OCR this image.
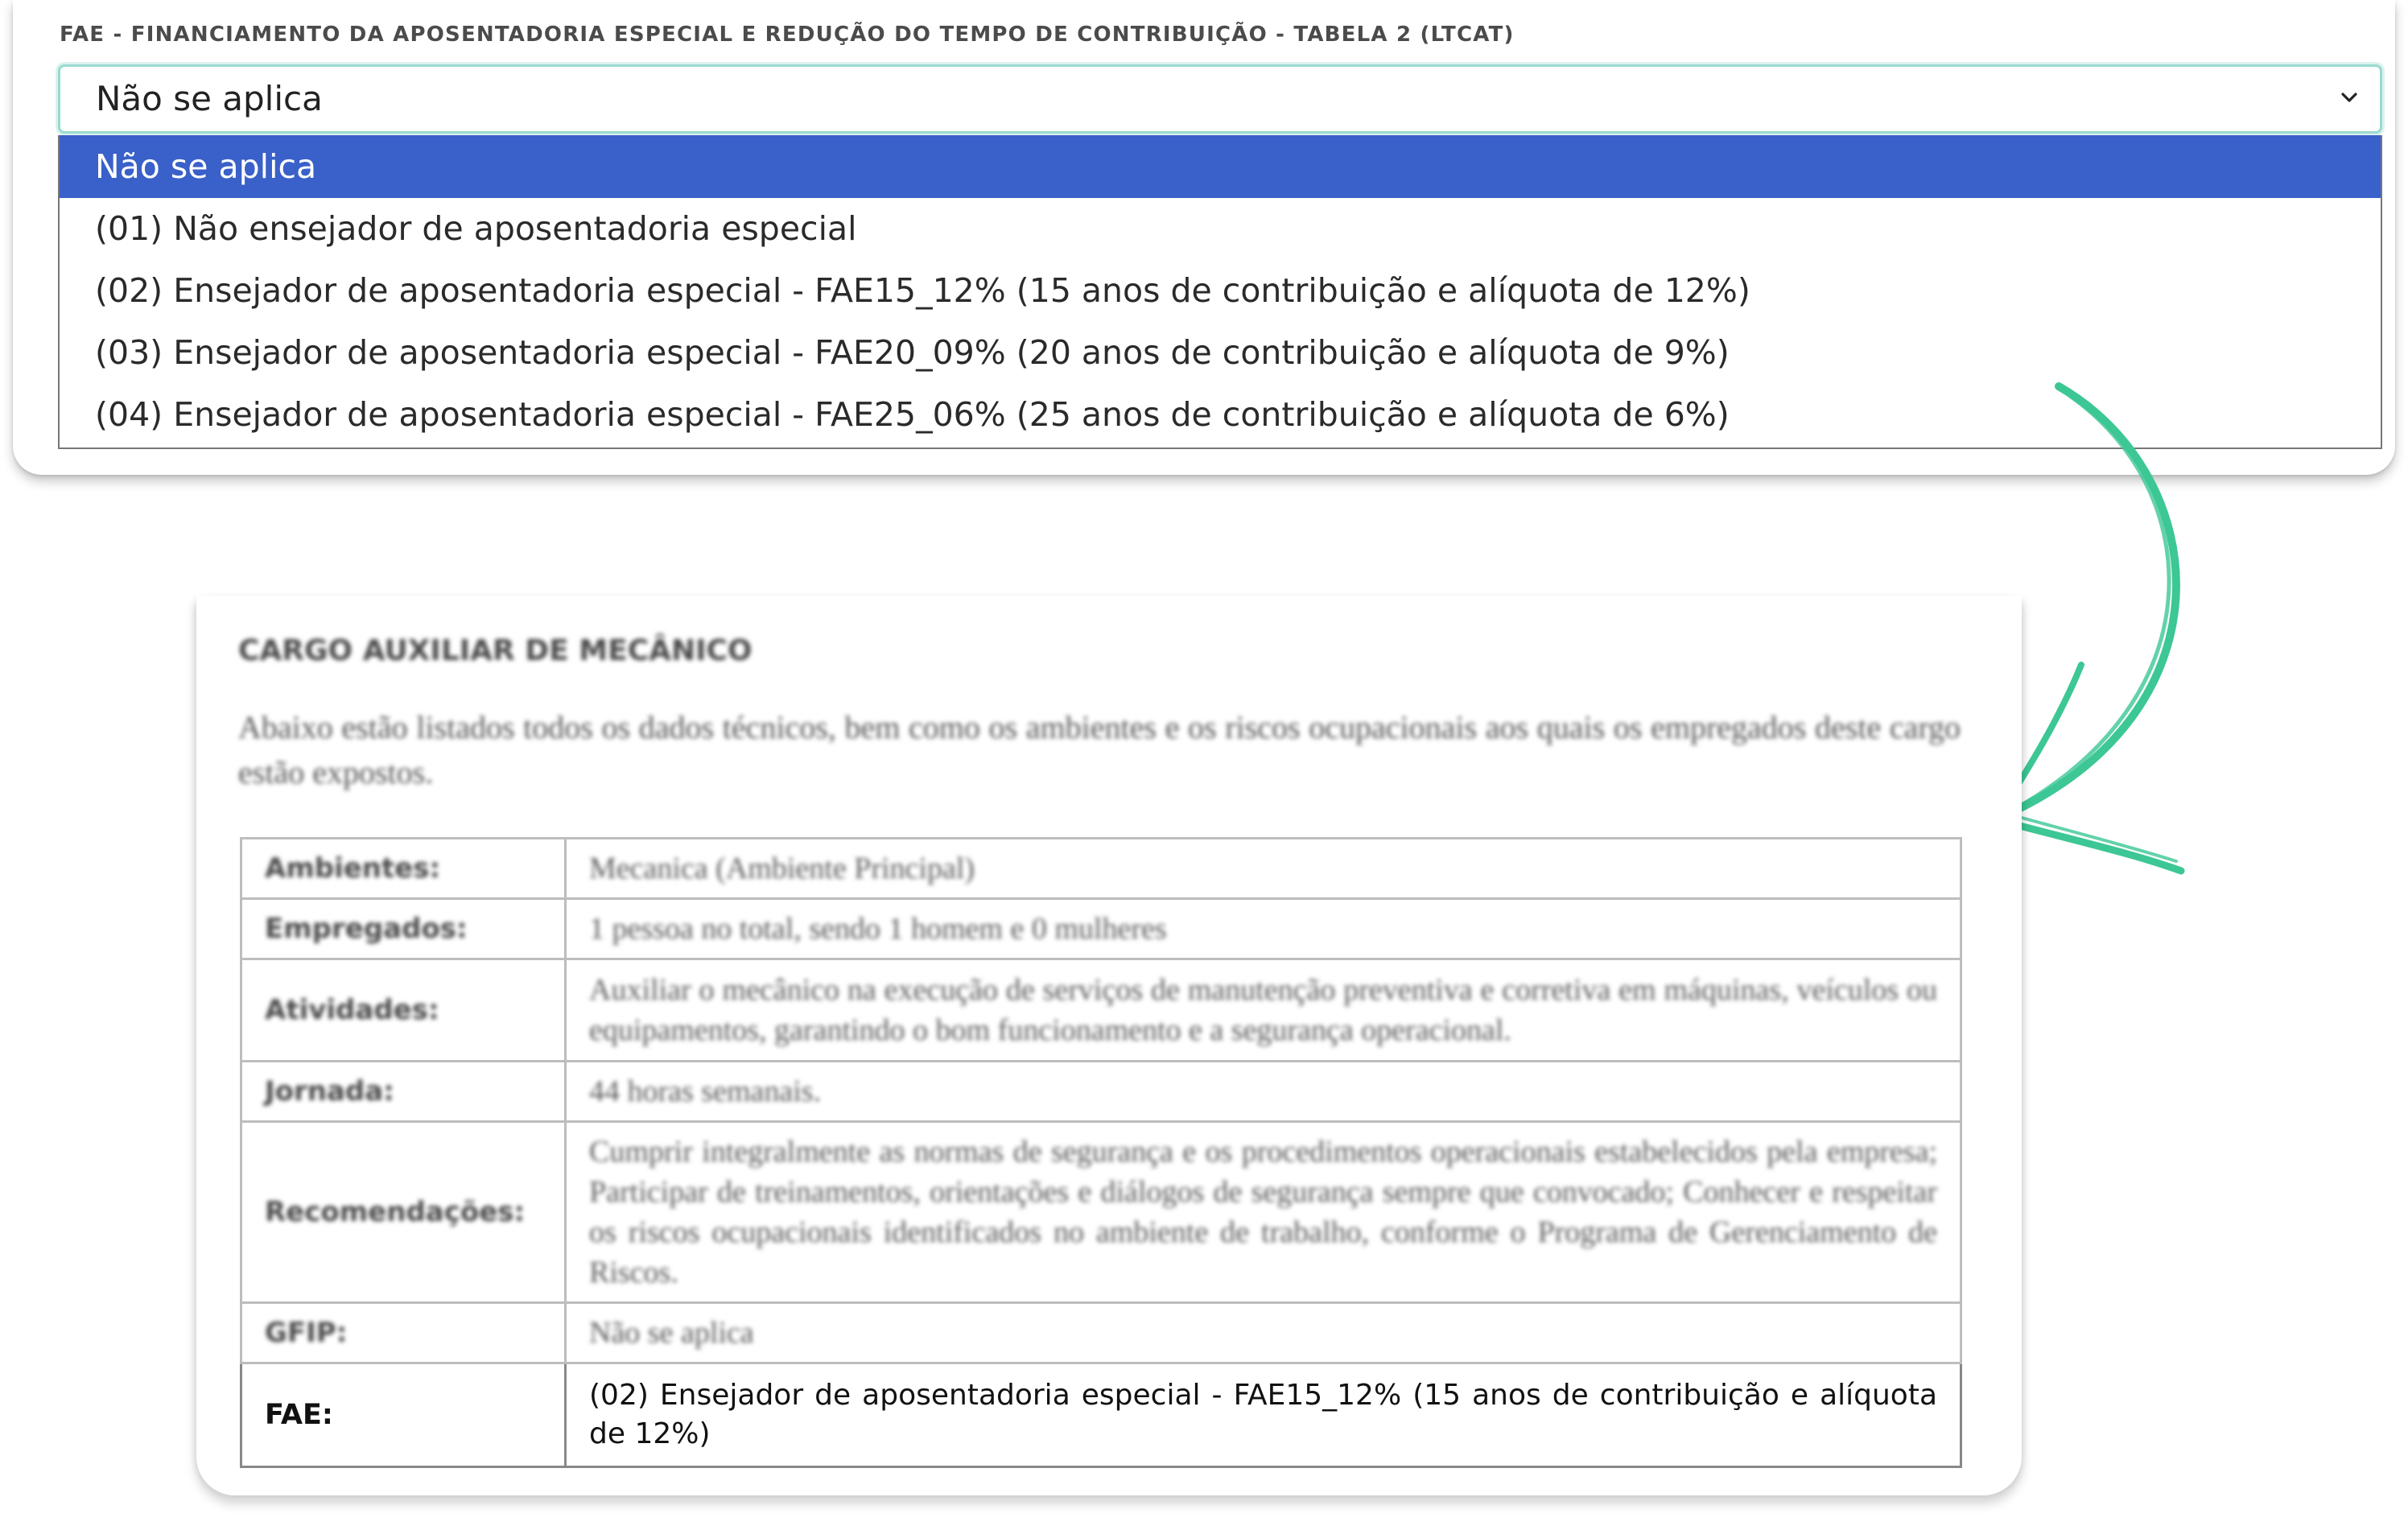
FAE - FINANCIAMENTO DA APOSENTADORIA ESPECIAL E REDUÇÃO DO TEMPO DE CONTRIBUIÇÃO - TABELA 2 (LTCAT)
Não se aplica
Não se aplica
(01) Não ensejador de aposentadoria especial
(02) Ensejador de aposentadoria especial - FAE15_12% (15 anos de contribuição e alíquota de 12%)
(03) Ensejador de aposentadoria especial - FAE20_09% (20 anos de contribuição e alíquota de 9%)
(04) Ensejador de aposentadoria especial - FAE25_06% (25 anos de contribuição e alíquota de 6%)
CARGO AUXILIAR DE MECÂNICO
Abaixo estão listados todos os dados técnicos, bem como os ambientes e os riscos ocupacionais aos quais os empregados deste cargo estão expostos.
Ambientes:	Mecanica (Ambiente Principal)
Empregados:	1 pessoa no total, sendo 1 homem e 0 mulheres
Atividades:	Auxiliar o mecânico na execução de serviços de manutenção preventiva e corretiva em máquinas, veículos ou equipamentos, garantindo o bom funcionamento e a segurança operacional.
Jornada:	44 horas semanais.
Recomendações:	Cumprir integralmente as normas de segurança e os procedimentos operacionais estabelecidos pela empresa; Participar de treinamentos, orientações e diálogos de segurança sempre que convocado; Conhecer e respeitar os riscos ocupacionais identificados no ambiente de trabalho, conforme o Programa de Gerenciamento de Riscos.
GFIP:	Não se aplica
FAE:	(02) Ensejador de aposentadoria especial - FAE15_12% (15 anos de contribuição e alíquota de 12%)
